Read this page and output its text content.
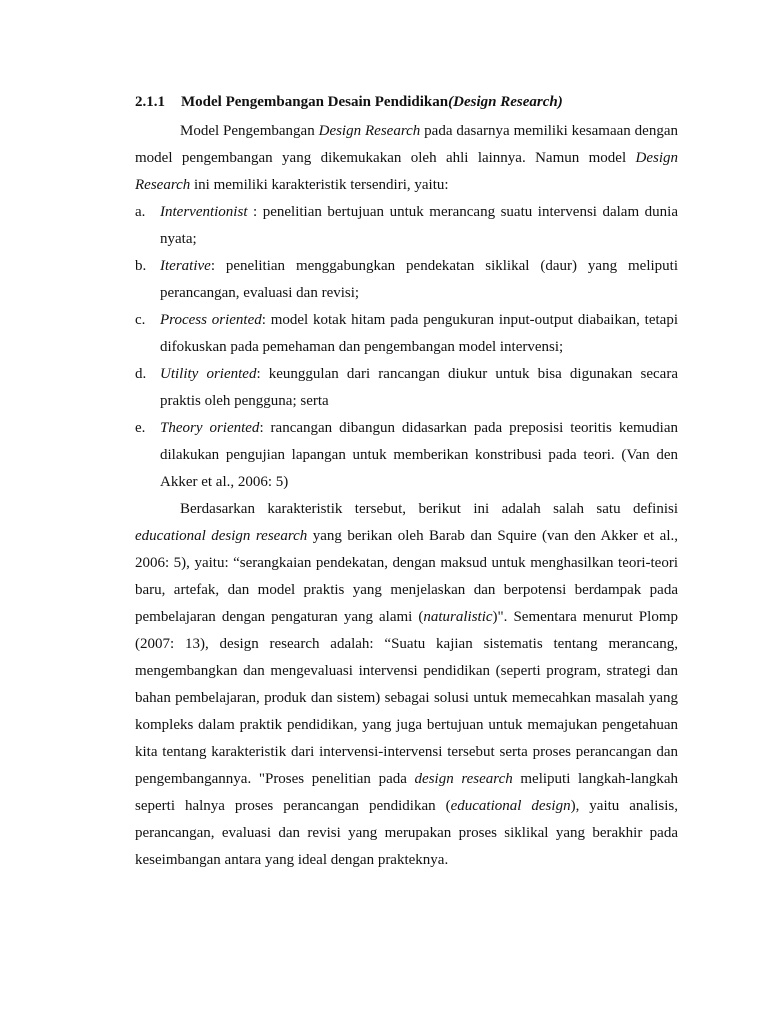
2.1.1 Model Pengembangan Desain Pendidikan(Design Research)

Model Pengembangan Design Research pada dasarnya memiliki kesamaan dengan model pengembangan yang dikemukakan oleh ahli lainnya. Namun model Design Research ini memiliki karakteristik tersendiri, yaitu:

a. Interventionist : penelitian bertujuan untuk merancang suatu intervensi dalam dunia nyata;
b. Iterative: penelitian menggabungkan pendekatan siklikal (daur) yang meliputi perancangan, evaluasi dan revisi;
c. Process oriented: model kotak hitam pada pengukuran input-output diabaikan, tetapi difokuskan pada pemehaman dan pengembangan model intervensi;
d. Utility oriented: keunggulan dari rancangan diukur untuk bisa digunakan secara praktis oleh pengguna; serta
e. Theory oriented: rancangan dibangun didasarkan pada preposisi teoritis kemudian dilakukan pengujian lapangan untuk memberikan konstribusi pada teori. (Van den Akker et al., 2006: 5)

Berdasarkan karakteristik tersebut, berikut ini adalah salah satu definisi educational design research yang berikan oleh Barab dan Squire (van den Akker et al., 2006: 5), yaitu: “serangkaian pendekatan, dengan maksud untuk menghasilkan teori-teori baru, artefak, dan model praktis yang menjelaskan dan berpotensi berdampak pada pembelajaran dengan pengaturan yang alami (naturalistic)". Sementara menurut Plomp (2007: 13), design research adalah: “Suatu kajian sistematis tentang merancang, mengembangkan dan mengevaluasi intervensi pendidikan (seperti program, strategi dan bahan pembelajaran, produk dan sistem) sebagai solusi untuk memecahkan masalah yang kompleks dalam praktik pendidikan, yang juga bertujuan untuk memajukan pengetahuan kita tentang karakteristik dari intervensi-intervensi tersebut serta proses perancangan dan pengembangannya. "Proses penelitian pada design research meliputi langkah-langkah seperti halnya proses perancangan pendidikan (educational design), yaitu analisis, perancangan, evaluasi dan revisi yang merupakan proses siklikal yang berakhir pada keseimbangan antara yang ideal dengan prakteknya.
